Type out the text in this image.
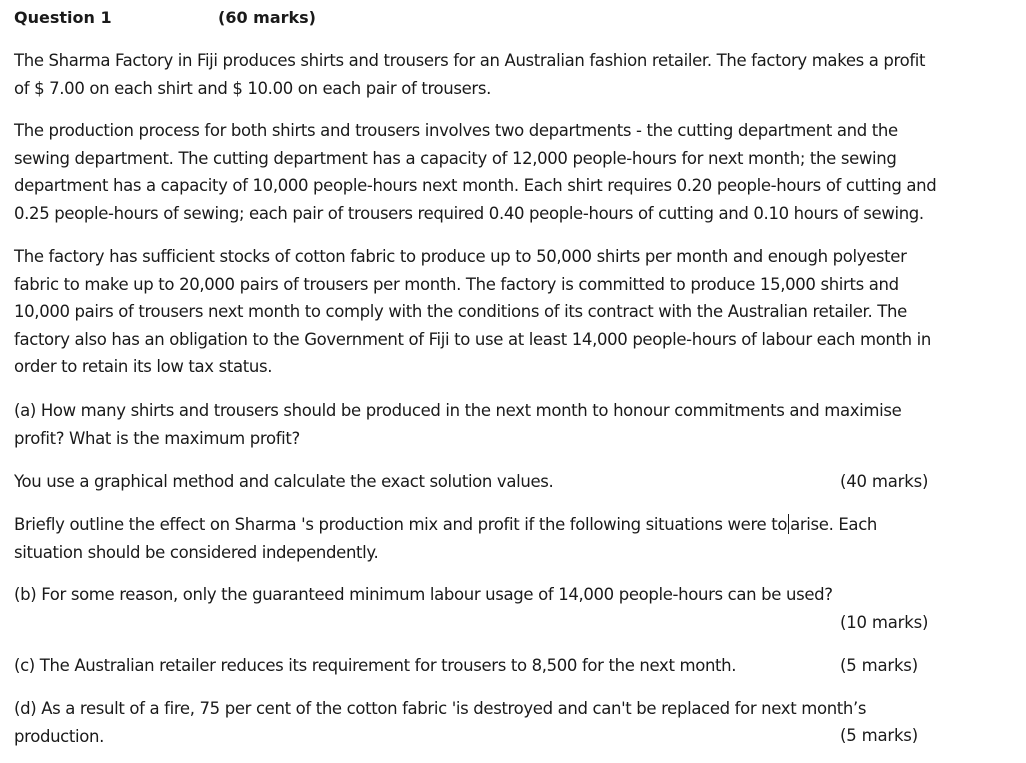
Question 1	(60 marks)
The Sharma Factory in Fiji produces shirts and trousers for an Australian fashion retailer. The factory makes a profit
of $ 7.00 on each shirt and $ 10.00 on each pair of trousers.
The production process for both shirts and trousers involves two departments - the cutting department and the
sewing department. The cutting department has a capacity of 12,000 people-hours for next month; the sewing
department has a capacity of 10,000 people-hours next month. Each shirt requires 0.20 people-hours of cutting and
0.25 people-hours of sewing; each pair of trousers required 0.40 people-hours of cutting and 0.10 hours of sewing.
The factory has sufficient stocks of cotton fabric to produce up to 50,000 shirts per month and enough polyester
fabric to make up to 20,000 pairs of trousers per month. The factory is committed to produce 15,000 shirts and
10,000 pairs of trousers next month to comply with the conditions of its contract with the Australian retailer. The
factory also has an obligation to the Government of Fiji to use at least 14,000 people-hours of labour each month in
order to retain its low tax status.
(a) How many shirts and trousers should be produced in the next month to honour commitments and maximise
profit? What is the maximum profit?
You use a graphical method and calculate the exact solution values.	(40 marks)
Briefly outline the effect on Sharma 's production mix and profit if the following situations were to arise. Each
situation should be considered independently.
(b) For some reason, only the guaranteed minimum labour usage of 14,000 people-hours can be used?
(10 marks)
(c) The Australian retailer reduces its requirement for trousers to 8,500 for the next month.	(5 marks)
(d) As a result of a fire, 75 per cent of the cotton fabric 'is destroyed and can't be replaced for next month’s
production.	(5 marks)
